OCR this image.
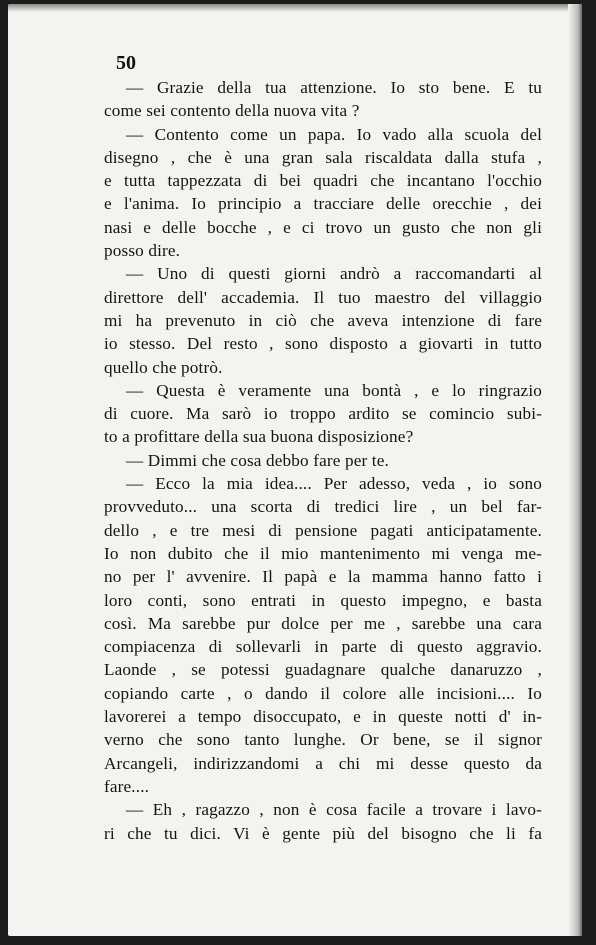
50
— Grazie della tua attenzione. Io sto bene. E tu
come sei contento della nuova vita ?
— Contento come un papa. Io vado alla scuola del
disegno , che è una gran sala riscaldata dalla stufa ,
e tutta tappezzata di bei quadri che incantano l'occhio
e l'anima. Io principio a tracciare delle orecchie , dei
nasi e delle bocche , e ci trovo un gusto che non gli
posso dire.
— Uno di questi giorni andrò a raccomandarti al
direttore dell' accademia. Il tuo maestro del villaggio
mi ha prevenuto in ciò che aveva intenzione di fare
io stesso. Del resto , sono disposto a giovarti in tutto
quello che potrò.
— Questa è veramente una bontà , e lo ringrazio
di cuore. Ma sarò io troppo ardito se comincio subi-
to a profittare della sua buona disposizione?
— Dimmi che cosa debbo fare per te.
— Ecco la mia idea.... Per adesso, veda , io sono
provveduto... una scorta di tredici lire , un bel far-
dello , e tre mesi di pensione pagati anticipatamente.
Io non dubito che il mio mantenimento mi venga me-
no per l' avvenire. Il papà e la mamma hanno fatto i
loro conti, sono entrati in questo impegno, e basta
così. Ma sarebbe pur dolce per me , sarebbe una cara
compiacenza di sollevarli in parte di questo aggravio.
Laonde , se potessi guadagnare qualche danaruzzo ,
copiando carte , o dando il colore alle incisioni.... Io
lavorerei a tempo disoccupato, e in queste notti d' in-
verno che sono tanto lunghe. Or bene, se il signor
Arcangeli, indirizzandomi a chi mi desse questo da
fare....
— Eh , ragazzo , non è cosa facile a trovare i lavo-
ri che tu dici. Vi è gente più del bisogno che li fa
